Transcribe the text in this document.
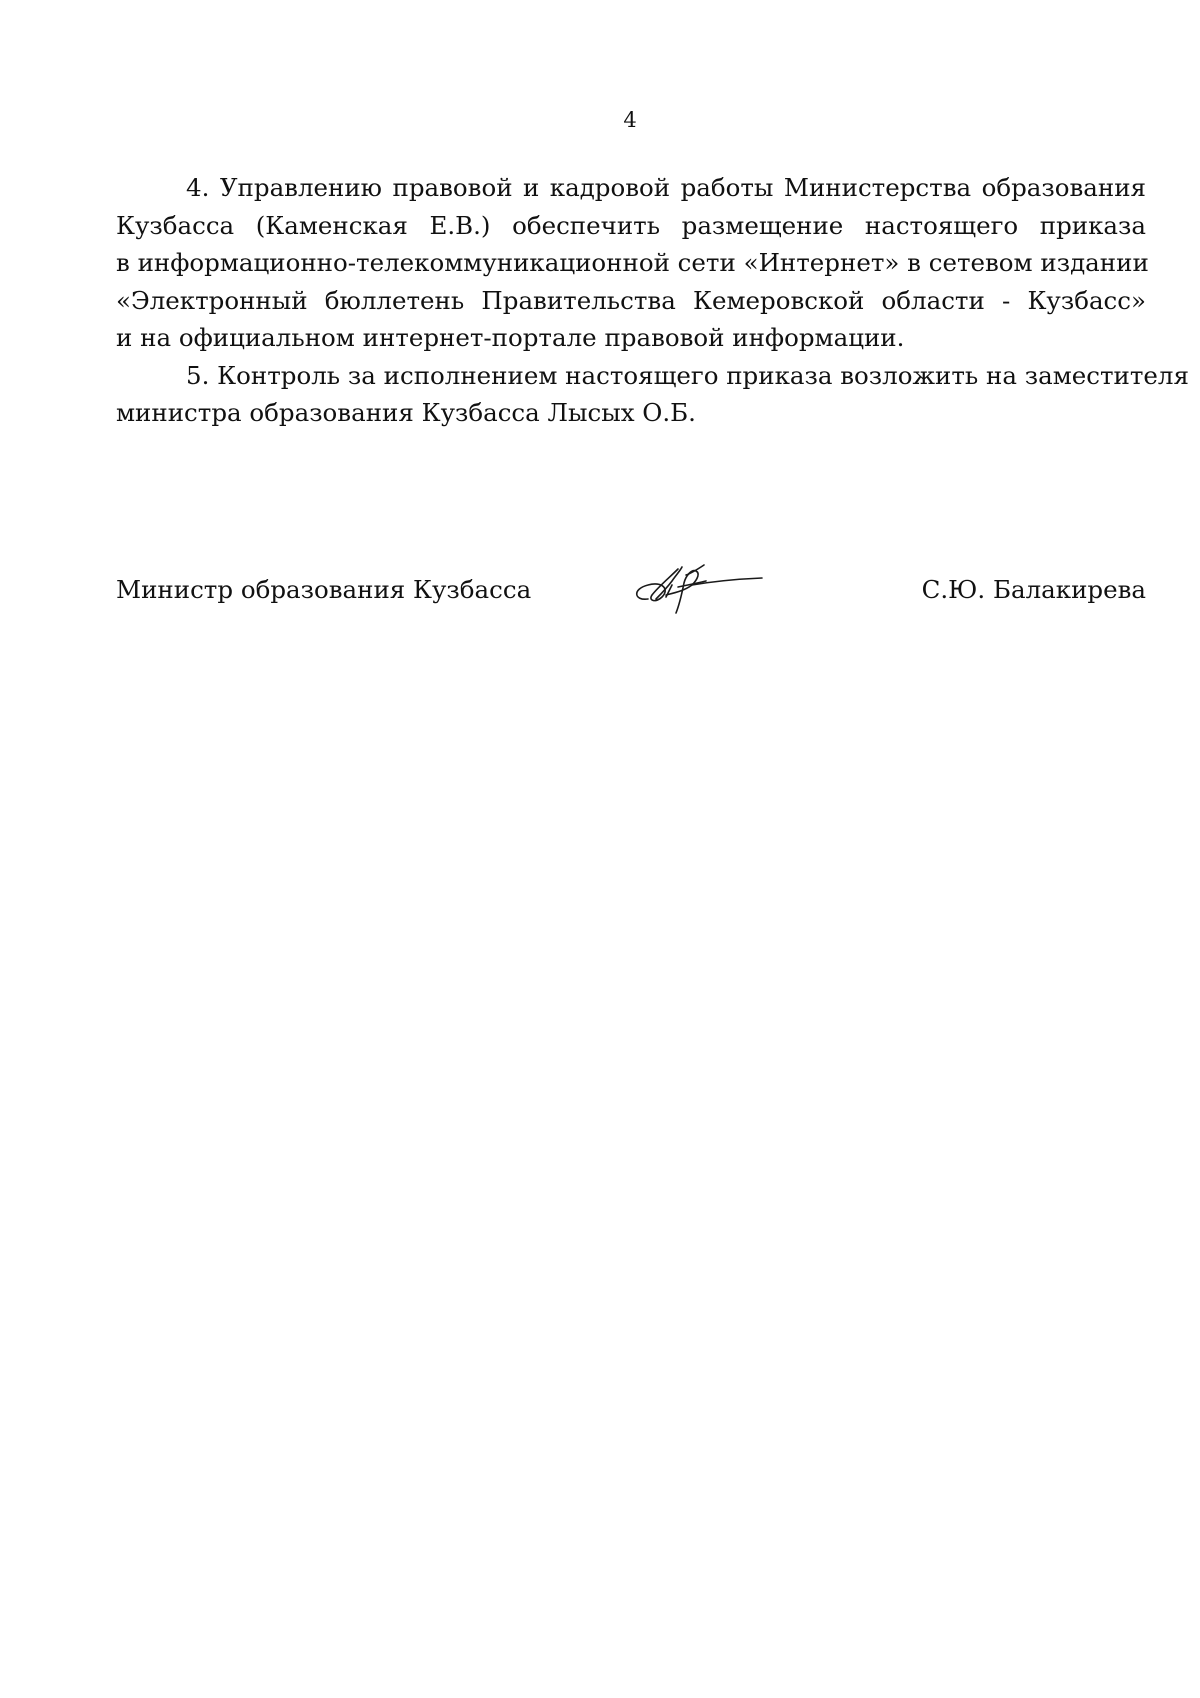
4

4. Управлению правовой и кадровой работы Министерства образования
Кузбасса (Каменская Е.В.) обеспечить размещение настоящего приказа
в информационно-телекоммуникационной сети «Интернет» в сетевом издании
«Электронный бюллетень Правительства Кемеровской области - Кузбасс»
и на официальном интернет-портале правовой информации.

5. Контроль за исполнением настоящего приказа возложить на заместителя
министра образования Кузбасса Лысых О.Б.

Министр образования Кузбасса	С.Ю. Балакирева
